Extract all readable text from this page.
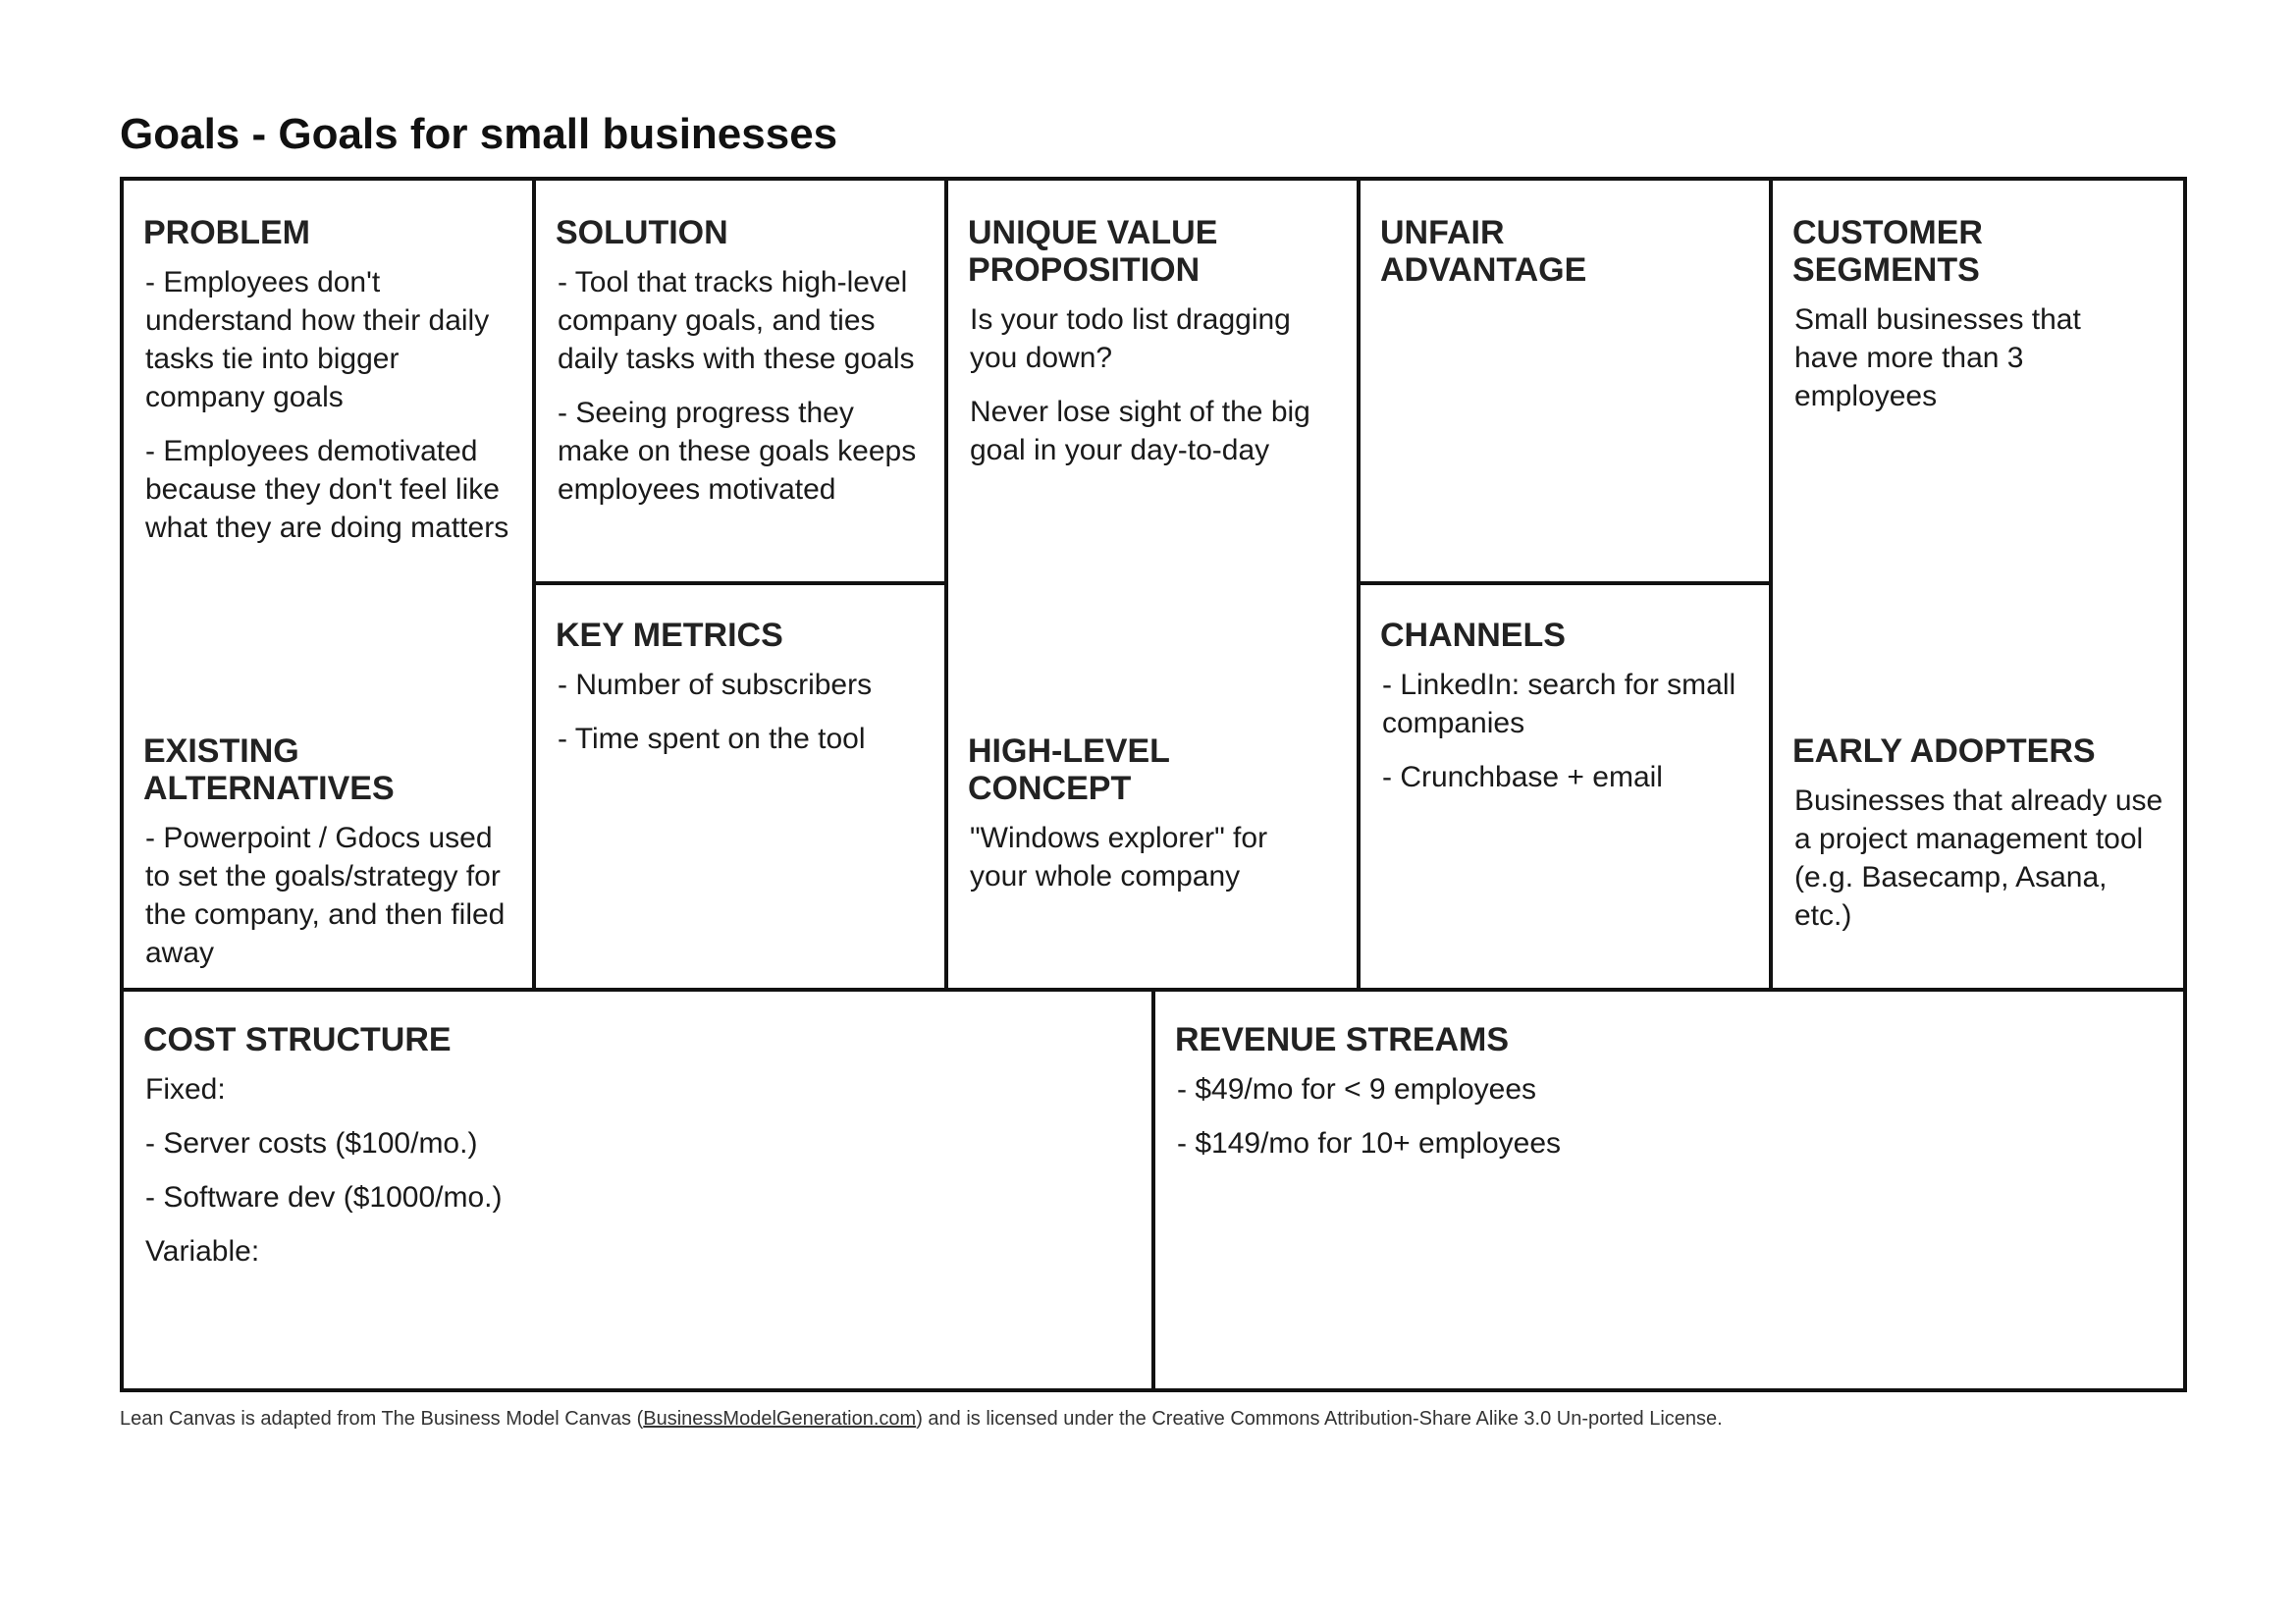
Goals - Goals for small businesses
PROBLEM
- Employees don't understand how their daily tasks tie into bigger company goals
- Employees demotivated because they don't feel like what they are doing matters
EXISTING ALTERNATIVES
- Powerpoint / Gdocs used to set the goals/strategy for the company, and then filed away
SOLUTION
- Tool that tracks high-level company goals, and ties daily tasks with these goals
- Seeing progress they make on these goals keeps employees motivated
KEY METRICS
- Number of subscribers
- Time spent on the tool
UNIQUE VALUE PROPOSITION
Is your todo list dragging you down?
Never lose sight of the big goal in your day-to-day
HIGH-LEVEL CONCEPT
"Windows explorer" for your whole company
UNFAIR ADVANTAGE
CHANNELS
- LinkedIn: search for small companies
- Crunchbase + email
CUSTOMER SEGMENTS
Small businesses that have more than 3 employees
EARLY ADOPTERS
Businesses that already use a project management tool (e.g. Basecamp, Asana, etc.)
COST STRUCTURE
Fixed:
- Server costs ($100/mo.)
- Software dev ($1000/mo.)
Variable:
REVENUE STREAMS
- $49/mo for < 9 employees
- $149/mo for 10+ employees
Lean Canvas is adapted from The Business Model Canvas (BusinessModelGeneration.com) and is licensed under the Creative Commons Attribution-Share Alike 3.0 Un-ported License.
